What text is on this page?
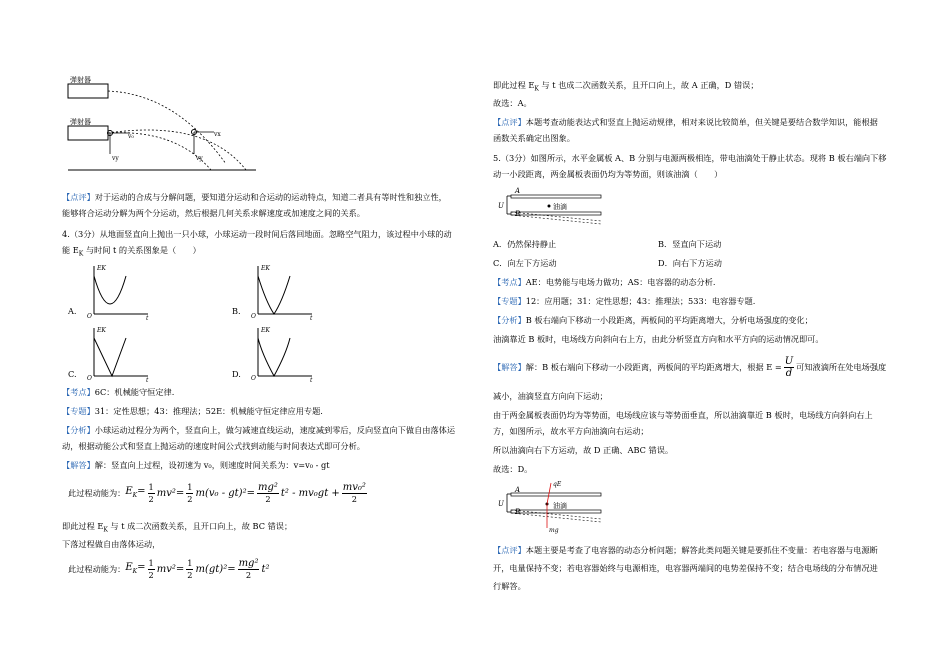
弹射器
弹射器
v₀
vy
vx
vy
【点评】对于运动的合成与分解问题，要知道分运动和合运动的运动特点，知道二者具有等时性和独立性，
能够将合运动分解为两个分运动，然后根据几何关系求解速度或加速度之间的关系。
4.（3分）从地面竖直向上抛出一只小球，小球运动一段时间后落回地面。忽略空气阻力，该过程中小球的动
能 $E_K$ 与时间 t 的关系图象是（　　）
A.
EK
O	t
B.
EK
O	t
C.
EK
O	t
D.
EK
O	t
【考点】6C：机械能守恒定律.
【专题】31：定性思想；43：推理法；52E：机械能守恒定律应用专题.
【分析】小球运动过程分为两个，竖直向上，做匀减速直线运动，速度减到零后，反向竖直向下做自由落体运
动，根据动能公式和竖直上抛运动的速度时间公式找到动能与时间表达式即可分析。
【解答】解：竖直向上过程，设初速为 v₀，则速度时间关系为：v=v₀ - gt
此过程动能为： $E_K= \frac{1}{2} mv^2= \frac{1}{2} m(v_0 - gt)^2= \frac{\text{mg²}}{2} t^2 - mv_0gt + \frac{\text{mv₀²}}{2}$
即此过程 $E_K$ 与 t 成二次函数关系，且开口向上，故 BC 错误；
下落过程做自由落体运动，
此过程动能为： $E_K= \frac{1}{2} mv^2= \frac{1}{2} m(gt)^2= \frac{\text{mg²}}{2} t^2$
即此过程 $E_K$ 与 t 也成二次函数关系，且开口向上，故 A 正确，D 错误；
故选：A。
【点评】本题考查动能表达式和竖直上抛运动规律，相对来说比较简单，但关键是要结合数学知识，能根据
函数关系确定出图象。
5.（3分）如图所示，水平金属板 A、B 分别与电源两极相连，带电油滴处于静止状态。现将 B 板右端向下移
动一小段距离，两金属板表面仍均为等势面，则该油滴（　　）
A
B
U	油滴
A．仍然保持静止	B．竖直向下运动
C．向左下方运动	D．向右下方运动
【考点】AE：电势能与电场力做功；AS：电容器的动态分析.
【专题】12：应用题；31：定性思想；43：推理法；533：电容器专题.
【分析】B 板右端向下移动一小段距离，两板间的平均距离增大，分析电场强度的变化；
油滴靠近 B 板时，电场线方向斜向右上方，由此分析竖直方向和水平方向的运动情况即可。
【解答】 解：B 板右端向下移动一小段距离，两板间的平均距离增大，根据 $E = \frac{U}{d}$ 可知液滴所在处电场强度
减小，油滴竖直方向向下运动；
由于两金属板表面仍均为等势面，电场线应该与等势面垂直，所以油滴靠近 B 板时，电场线方向斜向右上
方，如图所示，故水平方向油滴向右运动；
所以油滴向右下方运动，故 D 正确、ABC 错误。
故选：D。
A
B
U
qE
mg
油滴
【点评】本题主要是考查了电容器的动态分析问题；解答此类问题关键是要抓住不变量：若电容器与电源断
开，电量保持不变；若电容器始终与电源相连，电容器两端间的电势差保持不变；结合电场线的分布情况进
行解答。
